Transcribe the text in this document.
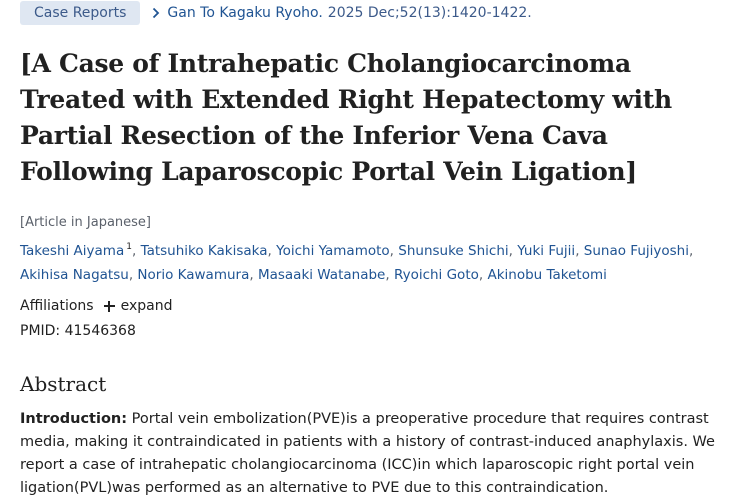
Case Reports	Gan To Kagaku Ryoho. 2025 Dec;52(13):1420-1422.
[A Case of Intrahepatic Cholangiocarcinoma Treated with Extended Right Hepatectomy with Partial Resection of the Inferior Vena Cava Following Laparoscopic Portal Vein Ligation]
[Article in Japanese]
Takeshi Aiyama $^1$, Tatsuhiko Kakisaka, Yoichi Yamamoto, Shunsuke Shichi, Yuki Fujii, Sunao Fujiyoshi, Akihisa Nagatsu, Norio Kawamura, Masaaki Watanabe, Ryoichi Goto, Akinobu Taketomi
Affiliations expand
PMID: 41546368
Abstract
Introduction: Portal vein embolization(PVE)is a preoperative procedure that requires contrast media, making it contraindicated in patients with a history of contrast-induced anaphylaxis. We report a case of intrahepatic cholangiocarcinoma (ICC)in which laparoscopic right portal vein ligation(PVL)was performed as an alternative to PVE due to this contraindication.
